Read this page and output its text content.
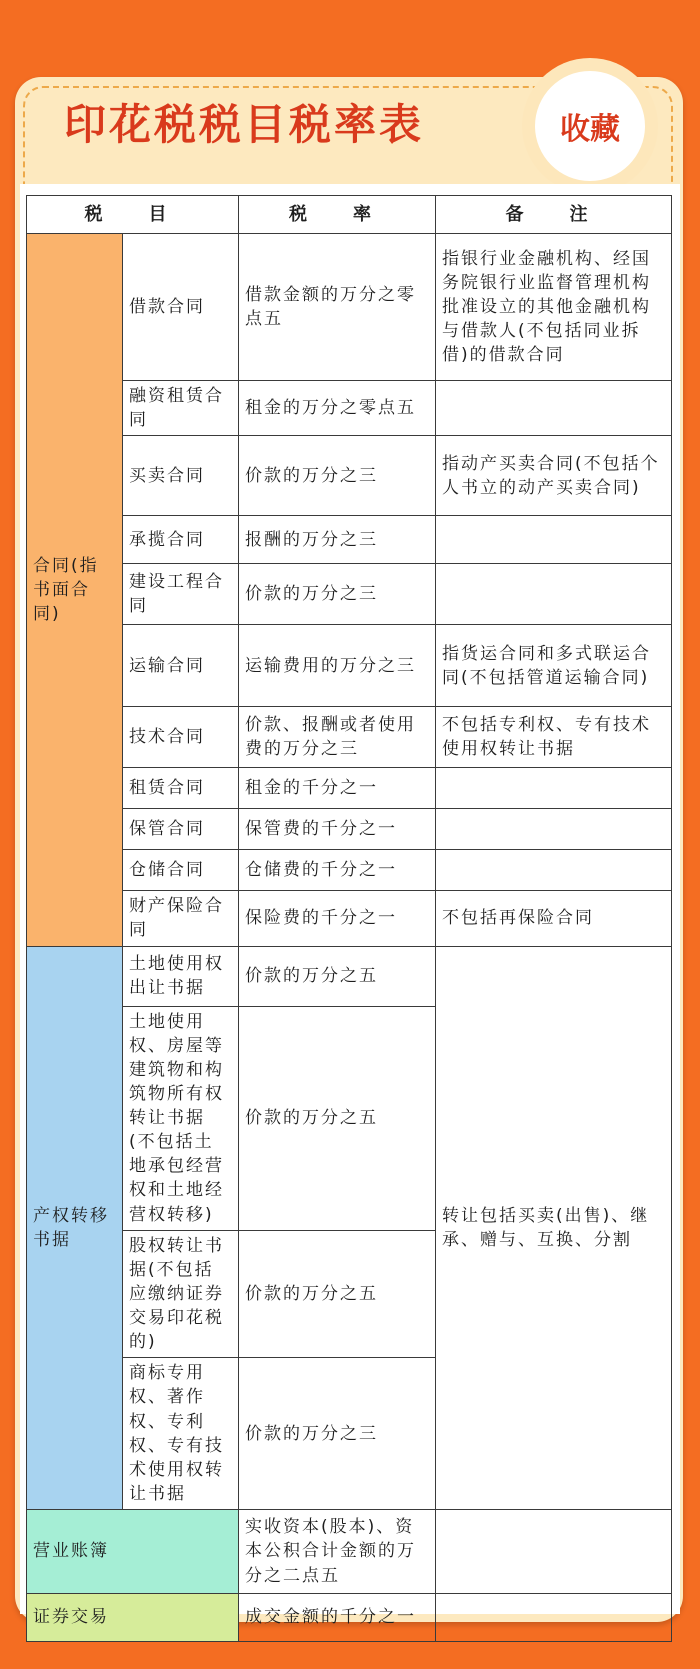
印花税税目税率表	收藏
税　目		税　率	备　注
合同(指书面合同)	借款合同	借款金额的万分之零点五	指银行业金融机构、经国务院银行业监督管理机构批准设立的其他金融机构与借款人(不包括同业拆借)的借款合同
	融资租赁合同	租金的万分之零点五	
	买卖合同	价款的万分之三	指动产买卖合同(不包括个人书立的动产买卖合同)
	承揽合同	报酬的万分之三	
	建设工程合同	价款的万分之三	
	运输合同	运输费用的万分之三	指货运合同和多式联运合同(不包括管道运输合同)
	技术合同	价款、报酬或者使用费的万分之三	不包括专利权、专有技术使用权转让书据
	租赁合同	租金的千分之一	
	保管合同	保管费的千分之一	
	仓储合同	仓储费的千分之一	
	财产保险合同	保险费的千分之一	不包括再保险合同
产权转移书据	土地使用权出让书据	价款的万分之五	转让包括买卖(出售)、继承、赠与、互换、分割
	土地使用权、房屋等建筑物和构筑物所有权转让书据(不包括土地承包经营权和土地经营权转移)	价款的万分之五	
	股权转让书据(不包括应缴纳证券交易印花税的)	价款的万分之五	
	商标专用权、著作权、专利权、专有技术使用权转让书据	价款的万分之三	
营业账簿		实收资本(股本)、资本公积合计金额的万分之二点五	
证券交易		成交金额的千分之一	
